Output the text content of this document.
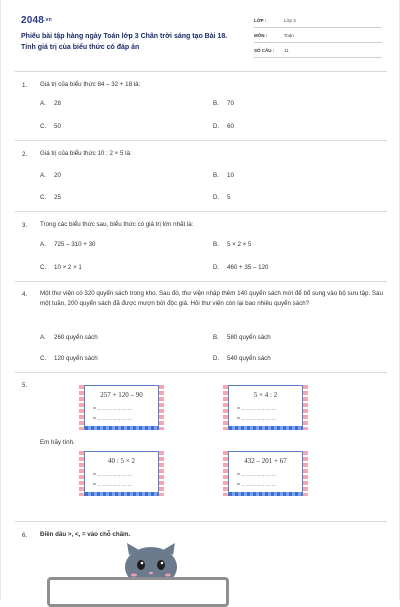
$2048^{.vn}$
Phiếu bài tập hàng ngày Toán lớp 3 Chân trời sáng tạo Bài 18. Tính giá trị của biểu thức có đáp án
LỚP :	Lớp 3
MÔN :	Toán
SỐ CÂU : 11
1. Giá trị của biểu thức 84 – 32 + 18 là:
A. 28	B. 70
C. 50	D. 60
2. Giá trị của biểu thức 10 : 2 × 5 là:
A. 20	B. 10
C. 25	D. 5
3. Trong các biểu thức sau, biểu thức có giá trị lớn nhất là:
A. 725 – 310 + 30	B. 5 × 2 × 5
C. 10 × 2 × 1	D. 460 + 35 – 120
4. Một thư viện có 320 quyển sách trong kho. Sau đó, thư viện nhập thêm 140 quyển sách mới để bổ sung vào bộ sưu tập. Sau một tuần, 200 quyển sách đã được mượn bởi độc giả. Hỏi thư viện còn lại bao nhiêu quyển sách?
A. 260 quyển sách	B. 580 quyển sách
C. 120 quyển sách	D. 540 quyển sách
5.
Em hãy tính.
257 + 120 – 90
= …………………
= …………………
5 × 4 : 2
= …………………
= …………………
40 : 5 × 2
= …………………
= …………………
432 – 201 + 67
= …………………
= …………………
6. Điền dấu >, <, = vào chỗ chấm.
